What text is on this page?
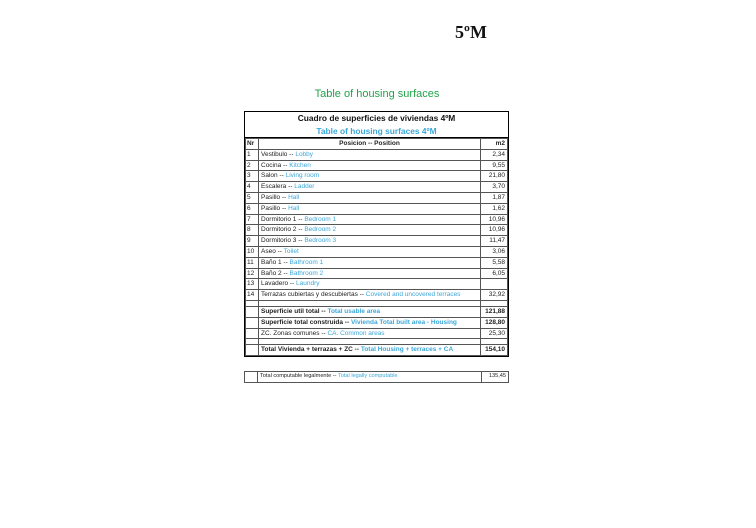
5ºM
Table of housing surfaces
Cuadro de superficies de viviendas 4ºM
Table of housing surfaces 4ºM
Nr	Posicion -- Position	m2
1	Vestibulo -- Lobby	2,34
2	Cocina -- Kitchen	9,55
3	Salon -- Living room	21,80
4	Escalera -- Ladder	3,70
5	Pasillo -- Hall	1,87
6	Pasillo -- Hall	1,62
7	Dormitorio 1 -- Bedroom 1	10,96
8	Dormitorio 2 -- Bedroom 2	10,96
9	Dormitorio 3 -- Bedroom 3	11,47
10	Aseo -- Toilet	3,06
11	Baño 1 -- Bathroom 1	5,58
12	Baño 2 -- Bathroom 2	6,05
13	Lavadero -- Laundry	
14	Terrazas cubiertas y descubiertas -- Covered and uncovered terraces	32,92

	Superficie util total -- Total usable area	121,88
	Superficie total construida -- Vivienda Total built area - Housing	128,80
	ZC. Zonas comunes -- CA. Common areas	25,30

	Total Vivienda + terrazas + ZC -- Total Housing + terraces + CA	154,10
	Total computable legalmente -- Total legally computable	135,45
